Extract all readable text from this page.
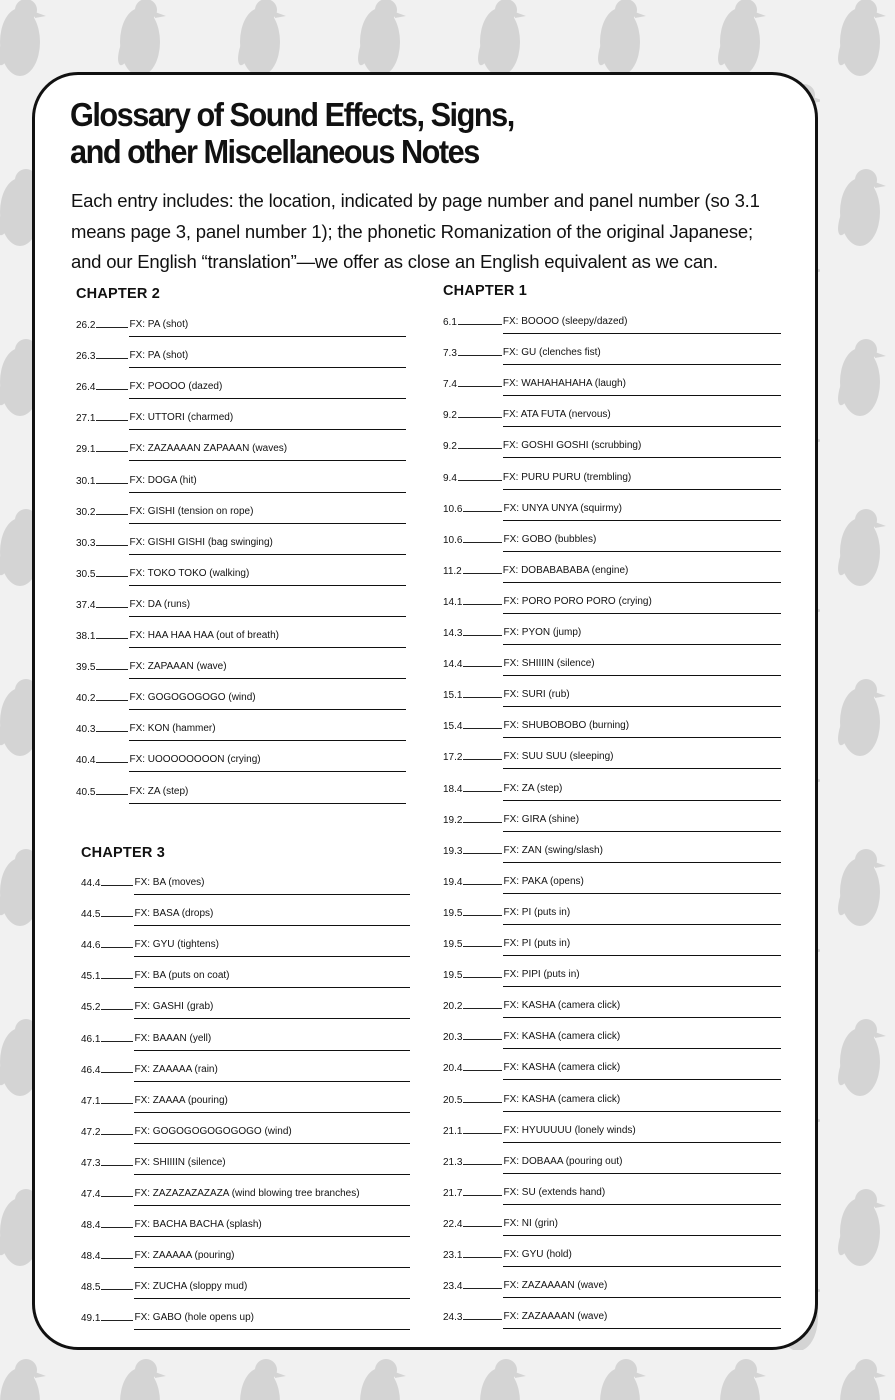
Glossary of Sound Effects, Signs,
and other Miscellaneous Notes

Each entry includes: the location, indicated by page number and panel number (so 3.1 means page 3, panel number 1); the phonetic Romanization of the original Japanese; and our English “translation”—we offer as close an English equivalent as we can.

CHAPTER 2
26.2	FX: PA (shot)
26.3	FX: PA (shot)
26.4	FX: POOOO (dazed)
27.1	FX: UTTORI (charmed)
29.1	FX: ZAZAAAAN ZAPAAAN (waves)
30.1	FX: DOGA (hit)
30.2	FX: GISHI (tension on rope)
30.3	FX: GISHI GISHI (bag swinging)
30.5	FX: TOKO TOKO (walking)
37.4	FX: DA (runs)
38.1	FX: HAA HAA HAA (out of breath)
39.5	FX: ZAPAAAN (wave)
40.2	FX: GOGOGOGOGO (wind)
40.3	FX: KON (hammer)
40.4	FX: UOOOOOOOON (crying)
40.5	FX: ZA (step)
CHAPTER 3
44.4	FX: BA (moves)
44.5	FX: BASA (drops)
44.6	FX: GYU (tightens)
45.1	FX: BA (puts on coat)
45.2	FX: GASHI (grab)
46.1	FX: BAAAN (yell)
46.4	FX: ZAAAAA (rain)
47.1	FX: ZAAAA (pouring)
47.2	FX: GOGOGOGOGOGOGO (wind)
47.3	FX: SHIIIIN (silence)
47.4	FX: ZAZAZAZAZAZA (wind blowing tree branches)
48.4	FX: BACHA BACHA (splash)
48.4	FX: ZAAAAA (pouring)
48.5	FX: ZUCHA (sloppy mud)
49.1	FX: GABO (hole opens up)
CHAPTER 1
6.1	FX: BOOOO (sleepy/dazed)
7.3	FX: GU (clenches fist)
7.4	FX: WAHAHAHAHA (laugh)
9.2	FX: ATA FUTA (nervous)
9.2	FX: GOSHI GOSHI (scrubbing)
9.4	FX: PURU PURU (trembling)
10.6	FX: UNYA UNYA (squirmy)
10.6	FX: GOBO (bubbles)
11.2	FX: DOBABABABA (engine)
14.1	FX: PORO PORO PORO (crying)
14.3	FX: PYON (jump)
14.4	FX: SHIIIIN (silence)
15.1	FX: SURI (rub)
15.4	FX: SHUBOBOBO (burning)
17.2	FX: SUU SUU (sleeping)
18.4	FX: ZA (step)
19.2	FX: GIRA (shine)
19.3	FX: ZAN (swing/slash)
19.4	FX: PAKA (opens)
19.5	FX: PI (puts in)
19.5	FX: PI (puts in)
19.5	FX: PIPI (puts in)
20.2	FX: KASHA (camera click)
20.3	FX: KASHA (camera click)
20.4	FX: KASHA (camera click)
20.5	FX: KASHA (camera click)
21.1	FX: HYUUUUU (lonely winds)
21.3	FX: DOBAAA (pouring out)
21.7	FX: SU (extends hand)
22.4	FX: NI (grin)
23.1	FX: GYU (hold)
23.4	FX: ZAZAAAAN (wave)
24.3	FX: ZAZAAAAN (wave)
